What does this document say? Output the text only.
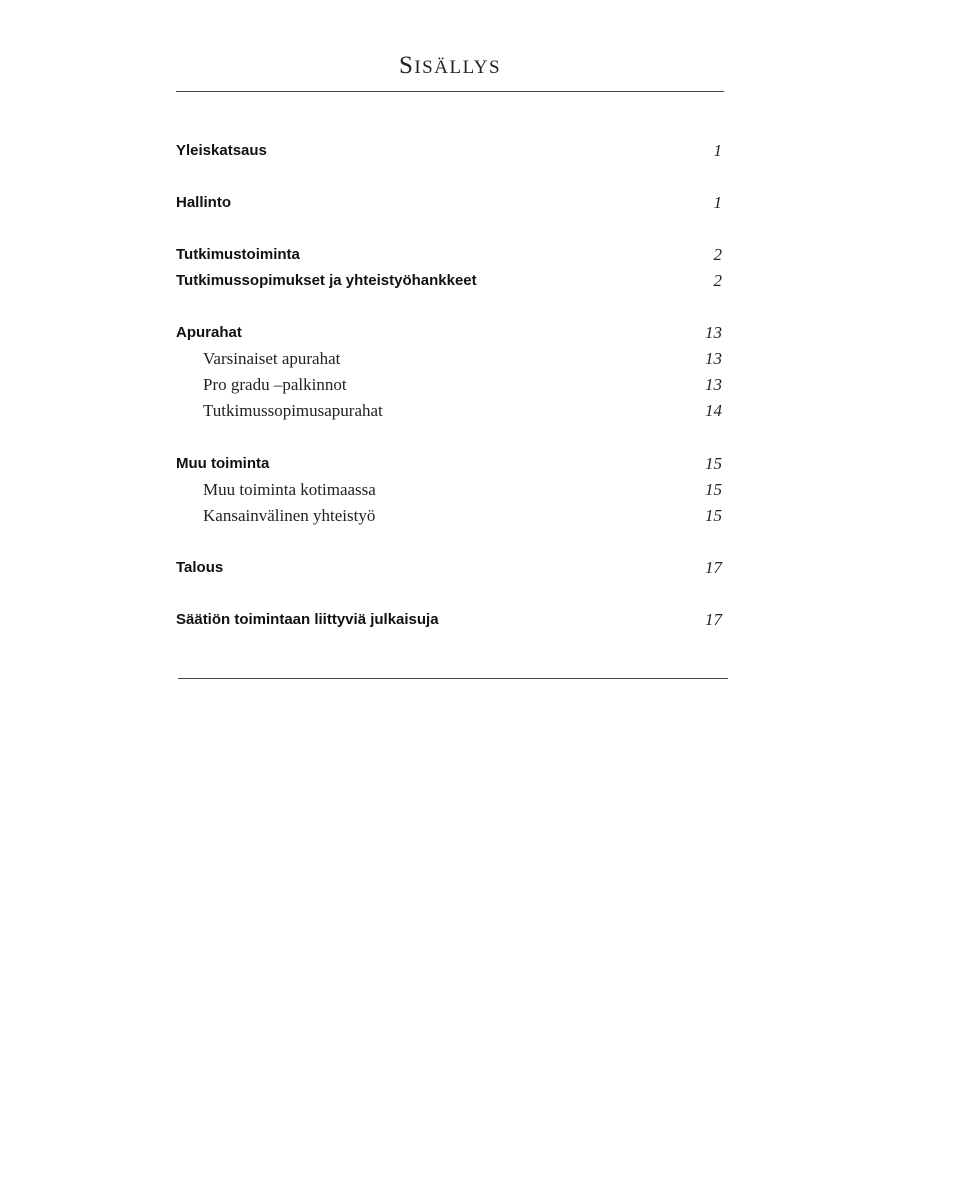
SISÄLLYS
Yleiskatsaus	1
Hallinto	1
Tutkimustoiminta	2
Tutkimussopimukset ja yhteistyöhankkeet	2
Apurahat	13
Varsinaiset apurahat	13
Pro gradu –palkinnot	13
Tutkimussopimusapurahat	14
Muu toiminta	15
Muu toiminta kotimaassa	15
Kansainvälinen yhteistyö	15
Talous	17
Säätiön toimintaan liittyviä julkaisuja	17
